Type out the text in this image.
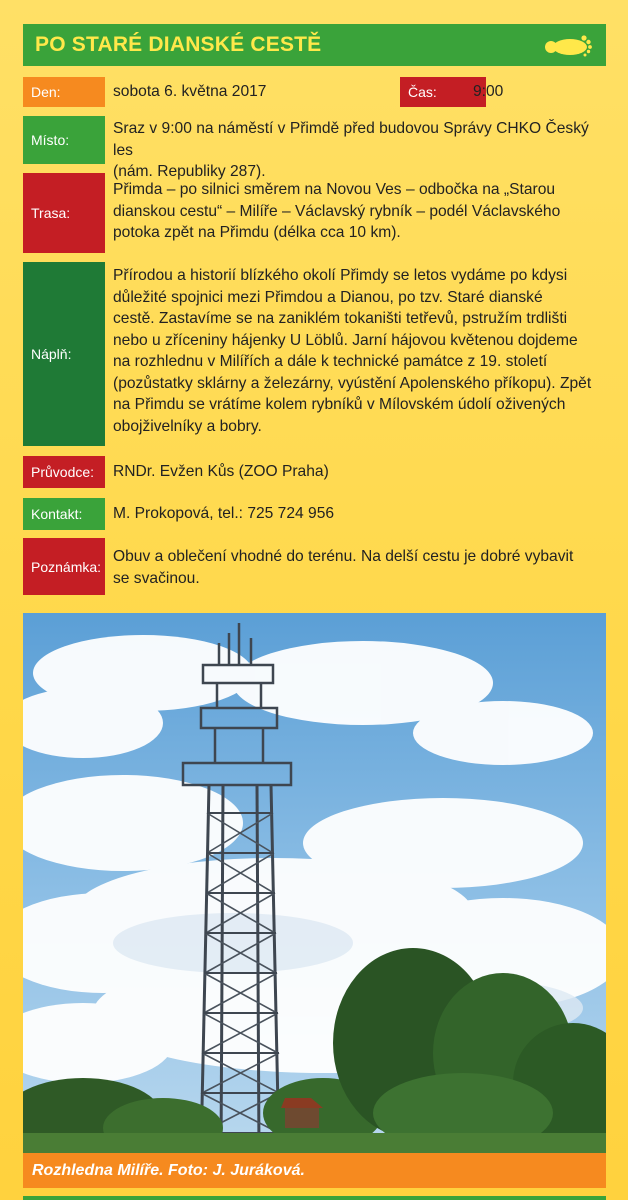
PO STARÉ DIANSKÉ CESTĚ
Den:	sobota 6. května 2017	Čas:	9:00
Místo:
Sraz v 9:00 na náměstí v Přimdě před budovou Správy CHKO Český les
(nám. Republiky 287).
Trasa:
Přimda – po silnici směrem na Novou Ves – odbočka na „Starou
dianskou cestu“ – Milíře – Václavský rybník – podél Václavského
potoka zpět na Přimdu (délka cca 10 km).
Náplň:
Přírodou a historií blízkého okolí Přimdy se letos vydáme po kdysi
důležité spojnici mezi Přimdou a Dianou, po tzv. Staré dianské
cestě. Zastavíme se na zaniklém tokaništi tetřevů, pstružím trdlišti
nebo u zříceniny hájenky U Löblů. Jarní hájovou květenou dojdeme
na rozhlednu v Milířích a dále k technické památce z 19. století
(pozůstatky sklárny a železárny, vyústění Apolenského příkopu). Zpět
na Přimdu se vrátíme kolem rybníků v Mílovském údolí oživených
obojživelníky a bobry.
Průvodce:	RNDr. Evžen Kůs (ZOO Praha)
Kontakt:	M. Prokopová, tel.: 725 724 956
Poznámka:
Obuv a oblečení vhodné do terénu. Na delší cestu je dobré vybavit
se svačinou.
Rozhledna Milíře. Foto: J. Juráková.
